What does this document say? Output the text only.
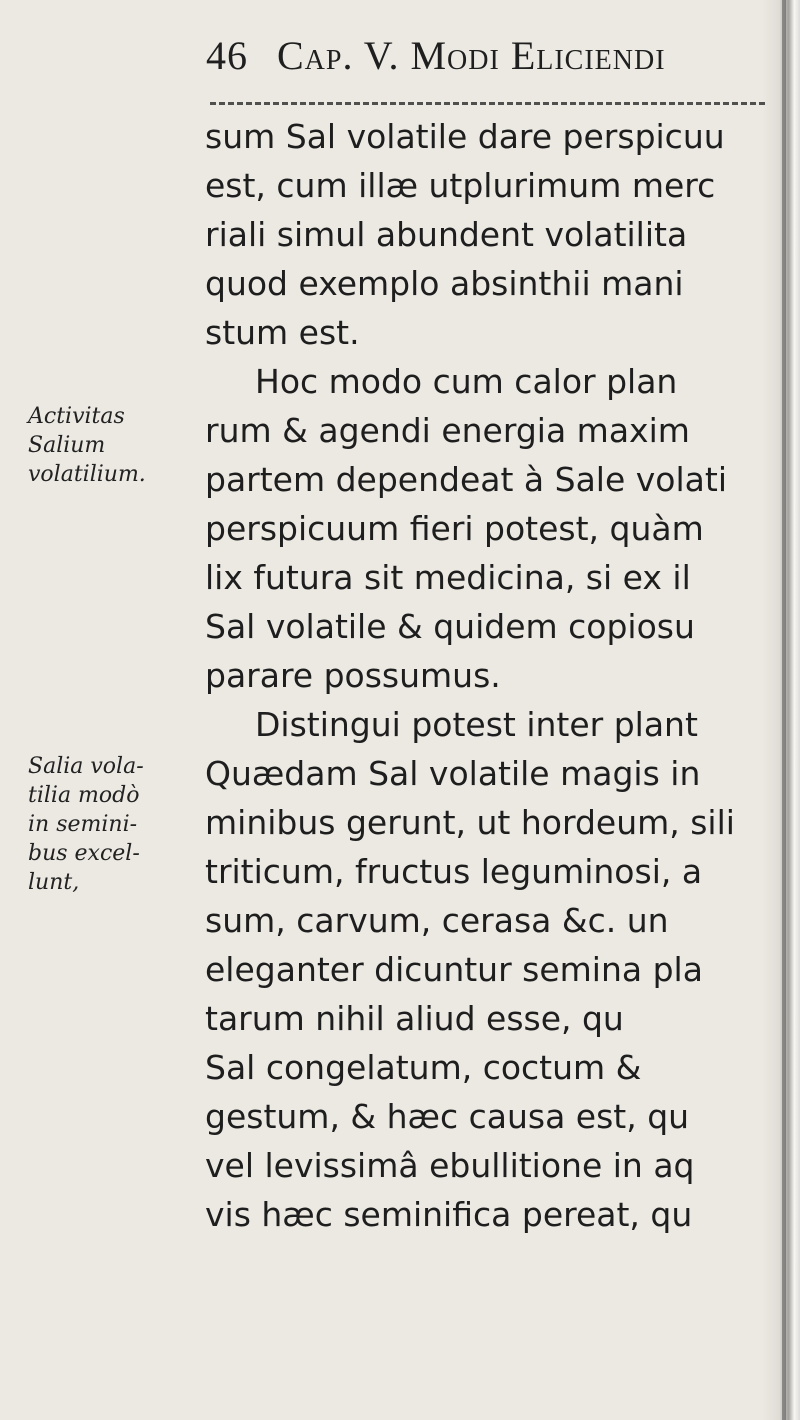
46 Cap. V. Modi Eliciendi
Activitas
Salium
volatilium.
Salia vola-
tilia modò
in semini-
bus excel-
lunt,
sum Sal volatile dare perspicuu
est, cum illæ utplurimum merc
riali simul abundent volatilita
quod exemplo absinthii mani
stum est.
Hoc modo cum calor plan
rum & agendi energia maxim
partem dependeat à Sale volati
perspicuum fieri potest, quàm
lix futura sit medicina, si ex il
Sal volatile & quidem copiosu
parare possumus.
Distingui potest inter plant
Quædam Sal volatile magis in
minibus gerunt, ut hordeum, sili
triticum, fructus leguminosi, a
sum, carvum, cerasa &c. un
eleganter dicuntur semina pla
tarum nihil aliud esse, qu
Sal congelatum, coctum &
gestum, & hæc causa est, qu
vel levissimâ ebullitione in aq
vis hæc seminifica pereat, qu
